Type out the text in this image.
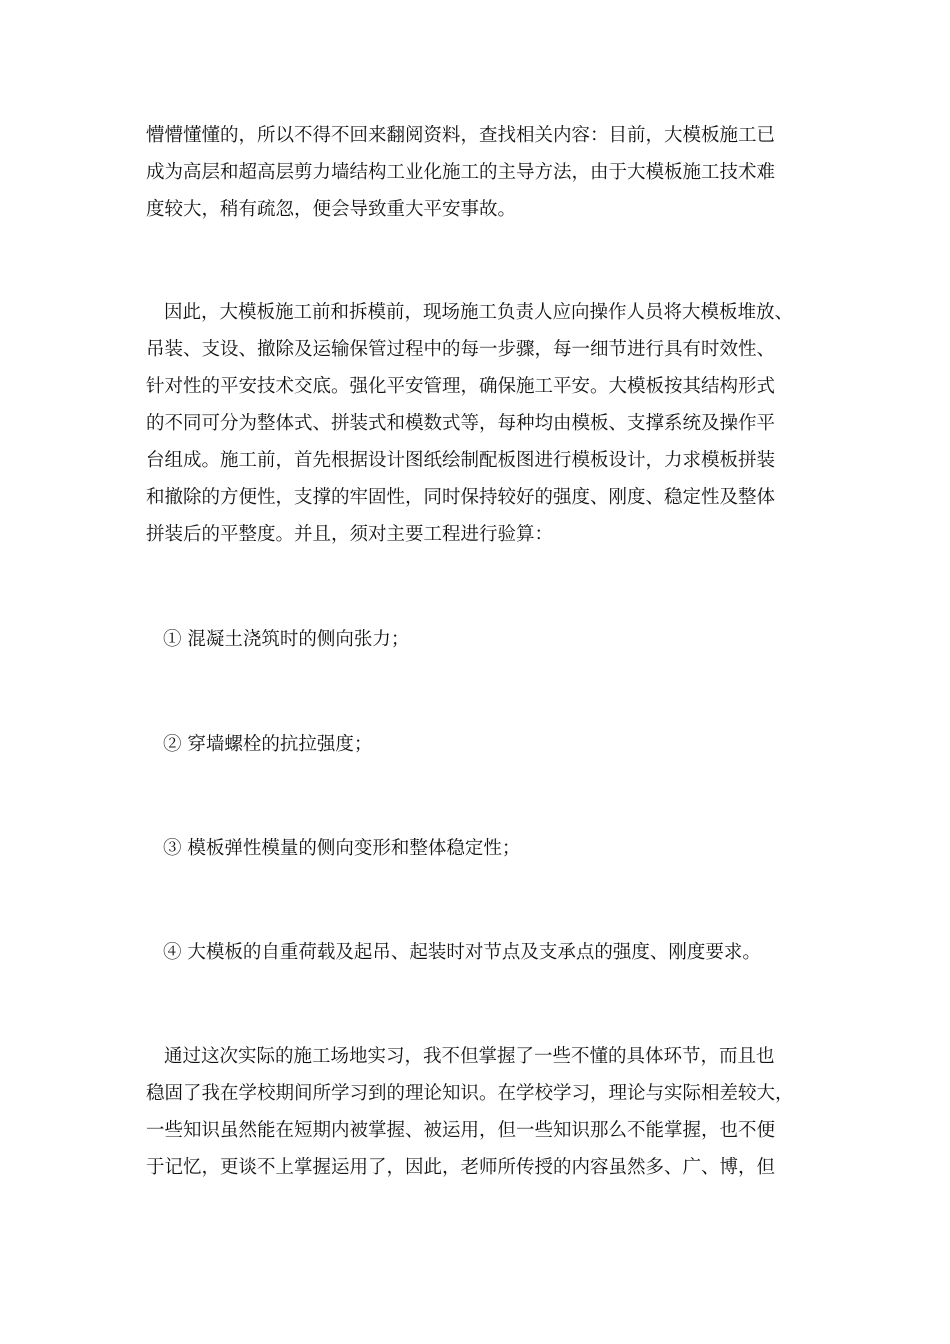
懵懵懂懂的，所以不得不回来翻阅资料，查找相关内容：目前，大模板施工已

成为高层和超高层剪力墙结构工业化施工的主导方法，由于大模板施工技术难

度较大，稍有疏忽，便会导致重大平安事故。

因此，大模板施工前和拆模前，现场施工负责人应向操作人员将大模板堆放、

吊装、支设、撤除及运输保管过程中的每一步骤，每一细节进行具有时效性、

针对性的平安技术交底。强化平安管理，确保施工平安。大模板按其结构形式

的不同可分为整体式、拼装式和模数式等，每种均由模板、支撑系统及操作平

台组成。施工前，首先根据设计图纸绘制配板图进行模板设计，力求模板拼装

和撤除的方便性，支撑的牢固性，同时保持较好的强度、刚度、稳定性及整体

拼装后的平整度。并且，须对主要工程进行验算：

① 混凝土浇筑时的侧向张力；

② 穿墙螺栓的抗拉强度；

③ 模板弹性模量的侧向变形和整体稳定性；

④ 大模板的自重荷载及起吊、起装时对节点及支承点的强度、刚度要求。

通过这次实际的施工场地实习，我不但掌握了一些不懂的具体环节，而且也

稳固了我在学校期间所学习到的理论知识。在学校学习，理论与实际相差较大，

一些知识虽然能在短期内被掌握、被运用，但一些知识那么不能掌握，也不便

于记忆，更谈不上掌握运用了，因此，老师所传授的内容虽然多、广、博，但
